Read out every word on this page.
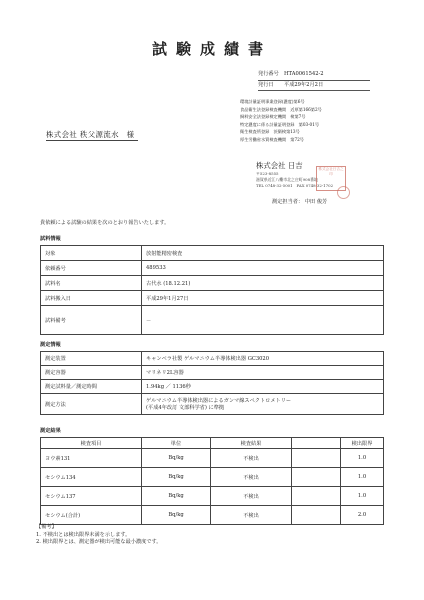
試験成績書
発行番号	HTA0061542-2
発行日	平成29年2月2日
環境計量証明事業登録(濃度)第6号
食品衛生法登録検査機関　近厚第166第2号
飼料安全法登録検定機関　検第7号
特定濃度に係る計量証明登録　第03-01号
衛生検査所登録　茨衛検第13号
厚生労働省水質検査機関　第72号
株式会社 秩父源流水　様
株式会社 日吉
〒523-8555
滋賀県近江八幡市北之庄町908番地
TEL 0748-32-5001　FAX 0748-32-1702
株式会社日吉之印
測定担当者： 中田 俊芳
貴依頼による試験の結果を次のとおり報告いたします。
試料情報
対象	放射能精密検査
依頼番号	489533
試料名	古代水 (18.12.21)
試料搬入日	平成29年1月27日
試料備考	－
測定情報
測定装置	キャンベラ社製 ゲルマニウム半導体検出器 GC3020
測定容器	マリネリ2L容器
測定試料量／測定時間	1.94kg ／ 1136秒
測定方法	ゲルマニウム半導体検出器によるガンマ線スペクトロメトリー
(平成4年改訂 文部科学省) に準拠
測定結果
検査項目	単位	検査結果		検出限界
ヨウ素131	Bq/kg	不検出		1.0
セシウム134	Bq/kg	不検出		1.0
セシウム137	Bq/kg	不検出		1.0
セシウム(合計)	Bq/kg	不検出		2.0
【備考】
1. 不検出とは検出限界未満を示します。
2. 検出限界とは、測定器が検出可能な最小濃度です。
